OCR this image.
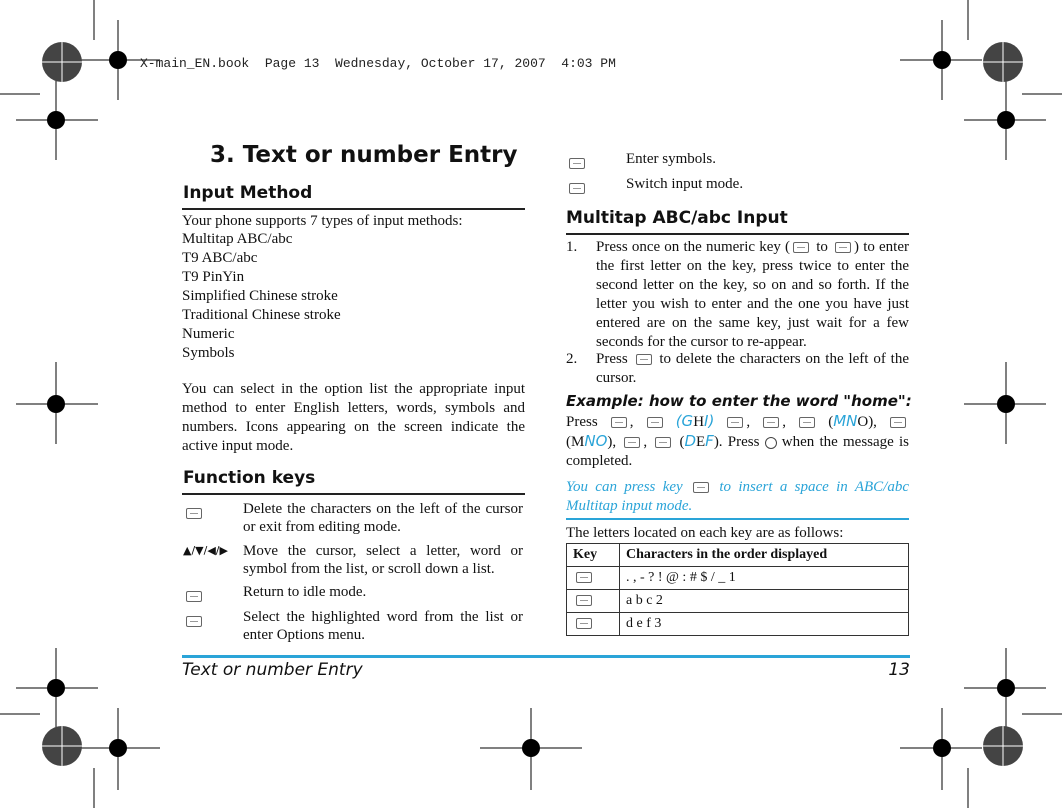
X-main_EN.book  Page 13  Wednesday, October 17, 2007  4:03 PM
3. Text or number Entry
Input Method
Your phone supports 7 types of input methods:
Multitap ABC/abc
T9 ABC/abc
T9 PinYin
Simplified Chinese stroke
Traditional Chinese stroke
Numeric
Symbols
You can select in the option list the appropriate input method to enter English letters, words, symbols and numbers. Icons appearing on the screen indicate the active input mode.
Function keys
Delete the characters on the left of the cursor or exit from editing mode.
▲/▼/◀/▶ Move the cursor, select a letter, word or symbol from the list, or scroll down a list.
Return to idle mode.
Select the highlighted word from the list or enter Options menu.
Enter symbols.
Switch input mode.
Multitap ABC/abc Input
1. Press once on the numeric key ( to ) to enter the first letter on the key, press twice to enter the second letter on the key, so on and so forth. If the letter you wish to enter and the one you have just entered are on the same key, just wait for a few seconds for the cursor to re-appear.
2. Press  to delete the characters on the left of the cursor.
Example: how to enter the word "home":
Press ,  (GHI) , ,  (MNO),  (MNO), ,  (DEF). Press when the message is completed.
You can press key to insert a space in ABC/abc Multitap input mode.
The letters located on each key are as follows:
Key	Characters in the order displayed
	. , - ? ! @ : # $ / _ 1
	a b c 2
	d e f 3
Text or number Entry	13
